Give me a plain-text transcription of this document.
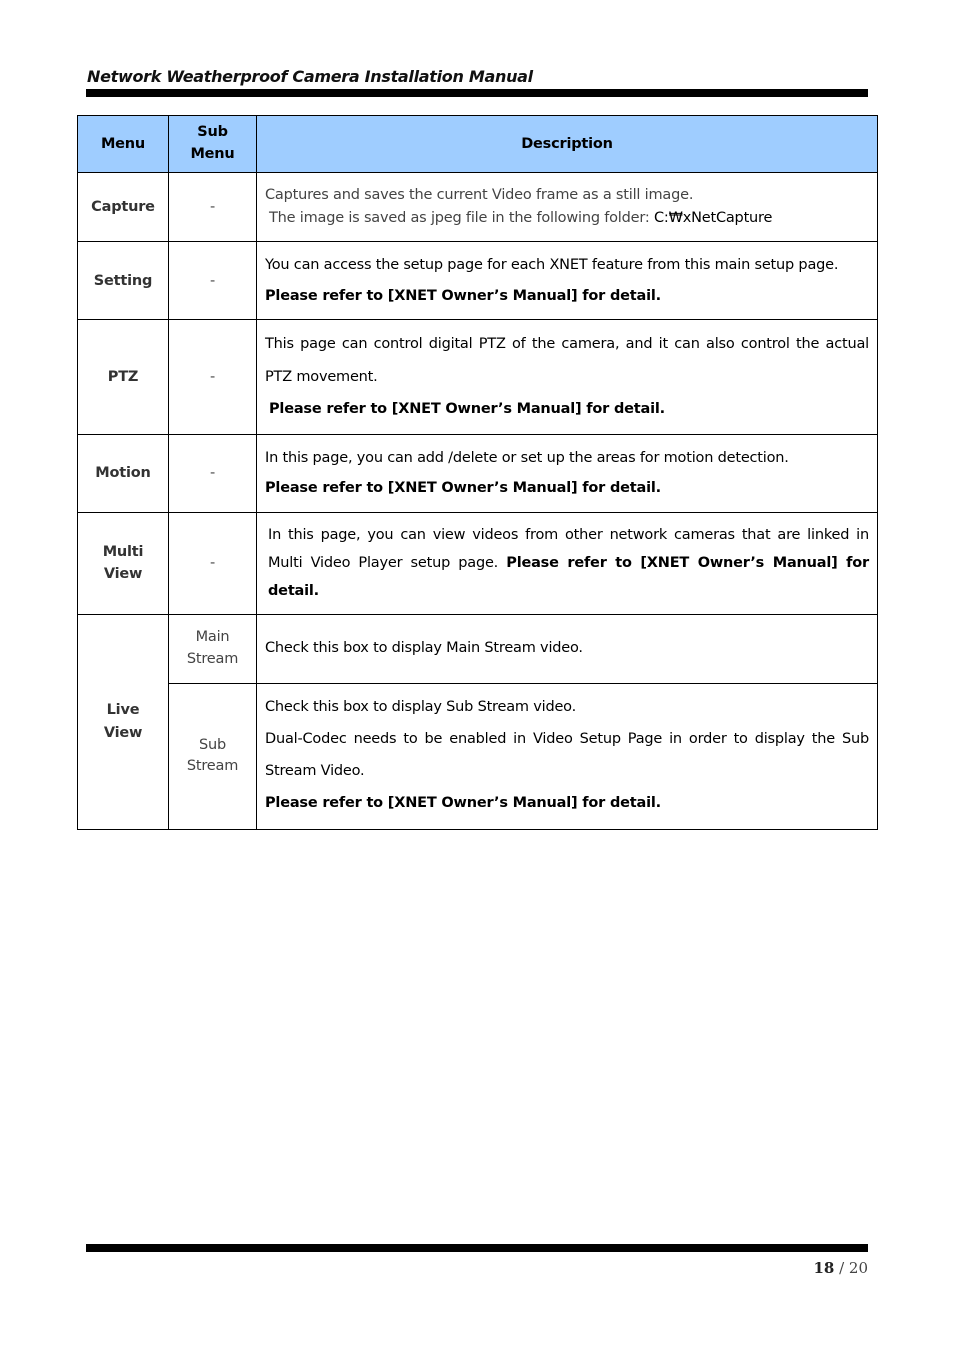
Network Weatherproof Camera Installation Manual
Menu	Sub Menu	Description
Capture	-	Captures and saves the current Video frame as a still image.

The image is saved as jpeg file in the following folder: C:₩xNetCapture

Setting	-	You can access the setup page for each XNET feature from this main setup page.

Please refer to [XNET Owner’s Manual] for detail.

PTZ	-	This page can control digital PTZ of the camera, and it can also control the actual PTZ movement.

Please refer to [XNET Owner’s Manual] for detail.

Motion	-	In this page, you can add /delete or set up the areas for motion detection.

Please refer to [XNET Owner’s Manual] for detail.

Multi View	-	In this page, you can view videos from other network cameras that are linked in Multi Video Player setup page. Please refer to [XNET Owner’s Manual] for detail.

Live View	Main Stream	Check this box to display Main Stream video.

	Sub Stream	Check this box to display Sub Stream video.

Dual-Codec needs to be enabled in Video Setup Page in order to display the Sub Stream Video.

Please refer to [XNET Owner’s Manual] for detail.

18 / 20
